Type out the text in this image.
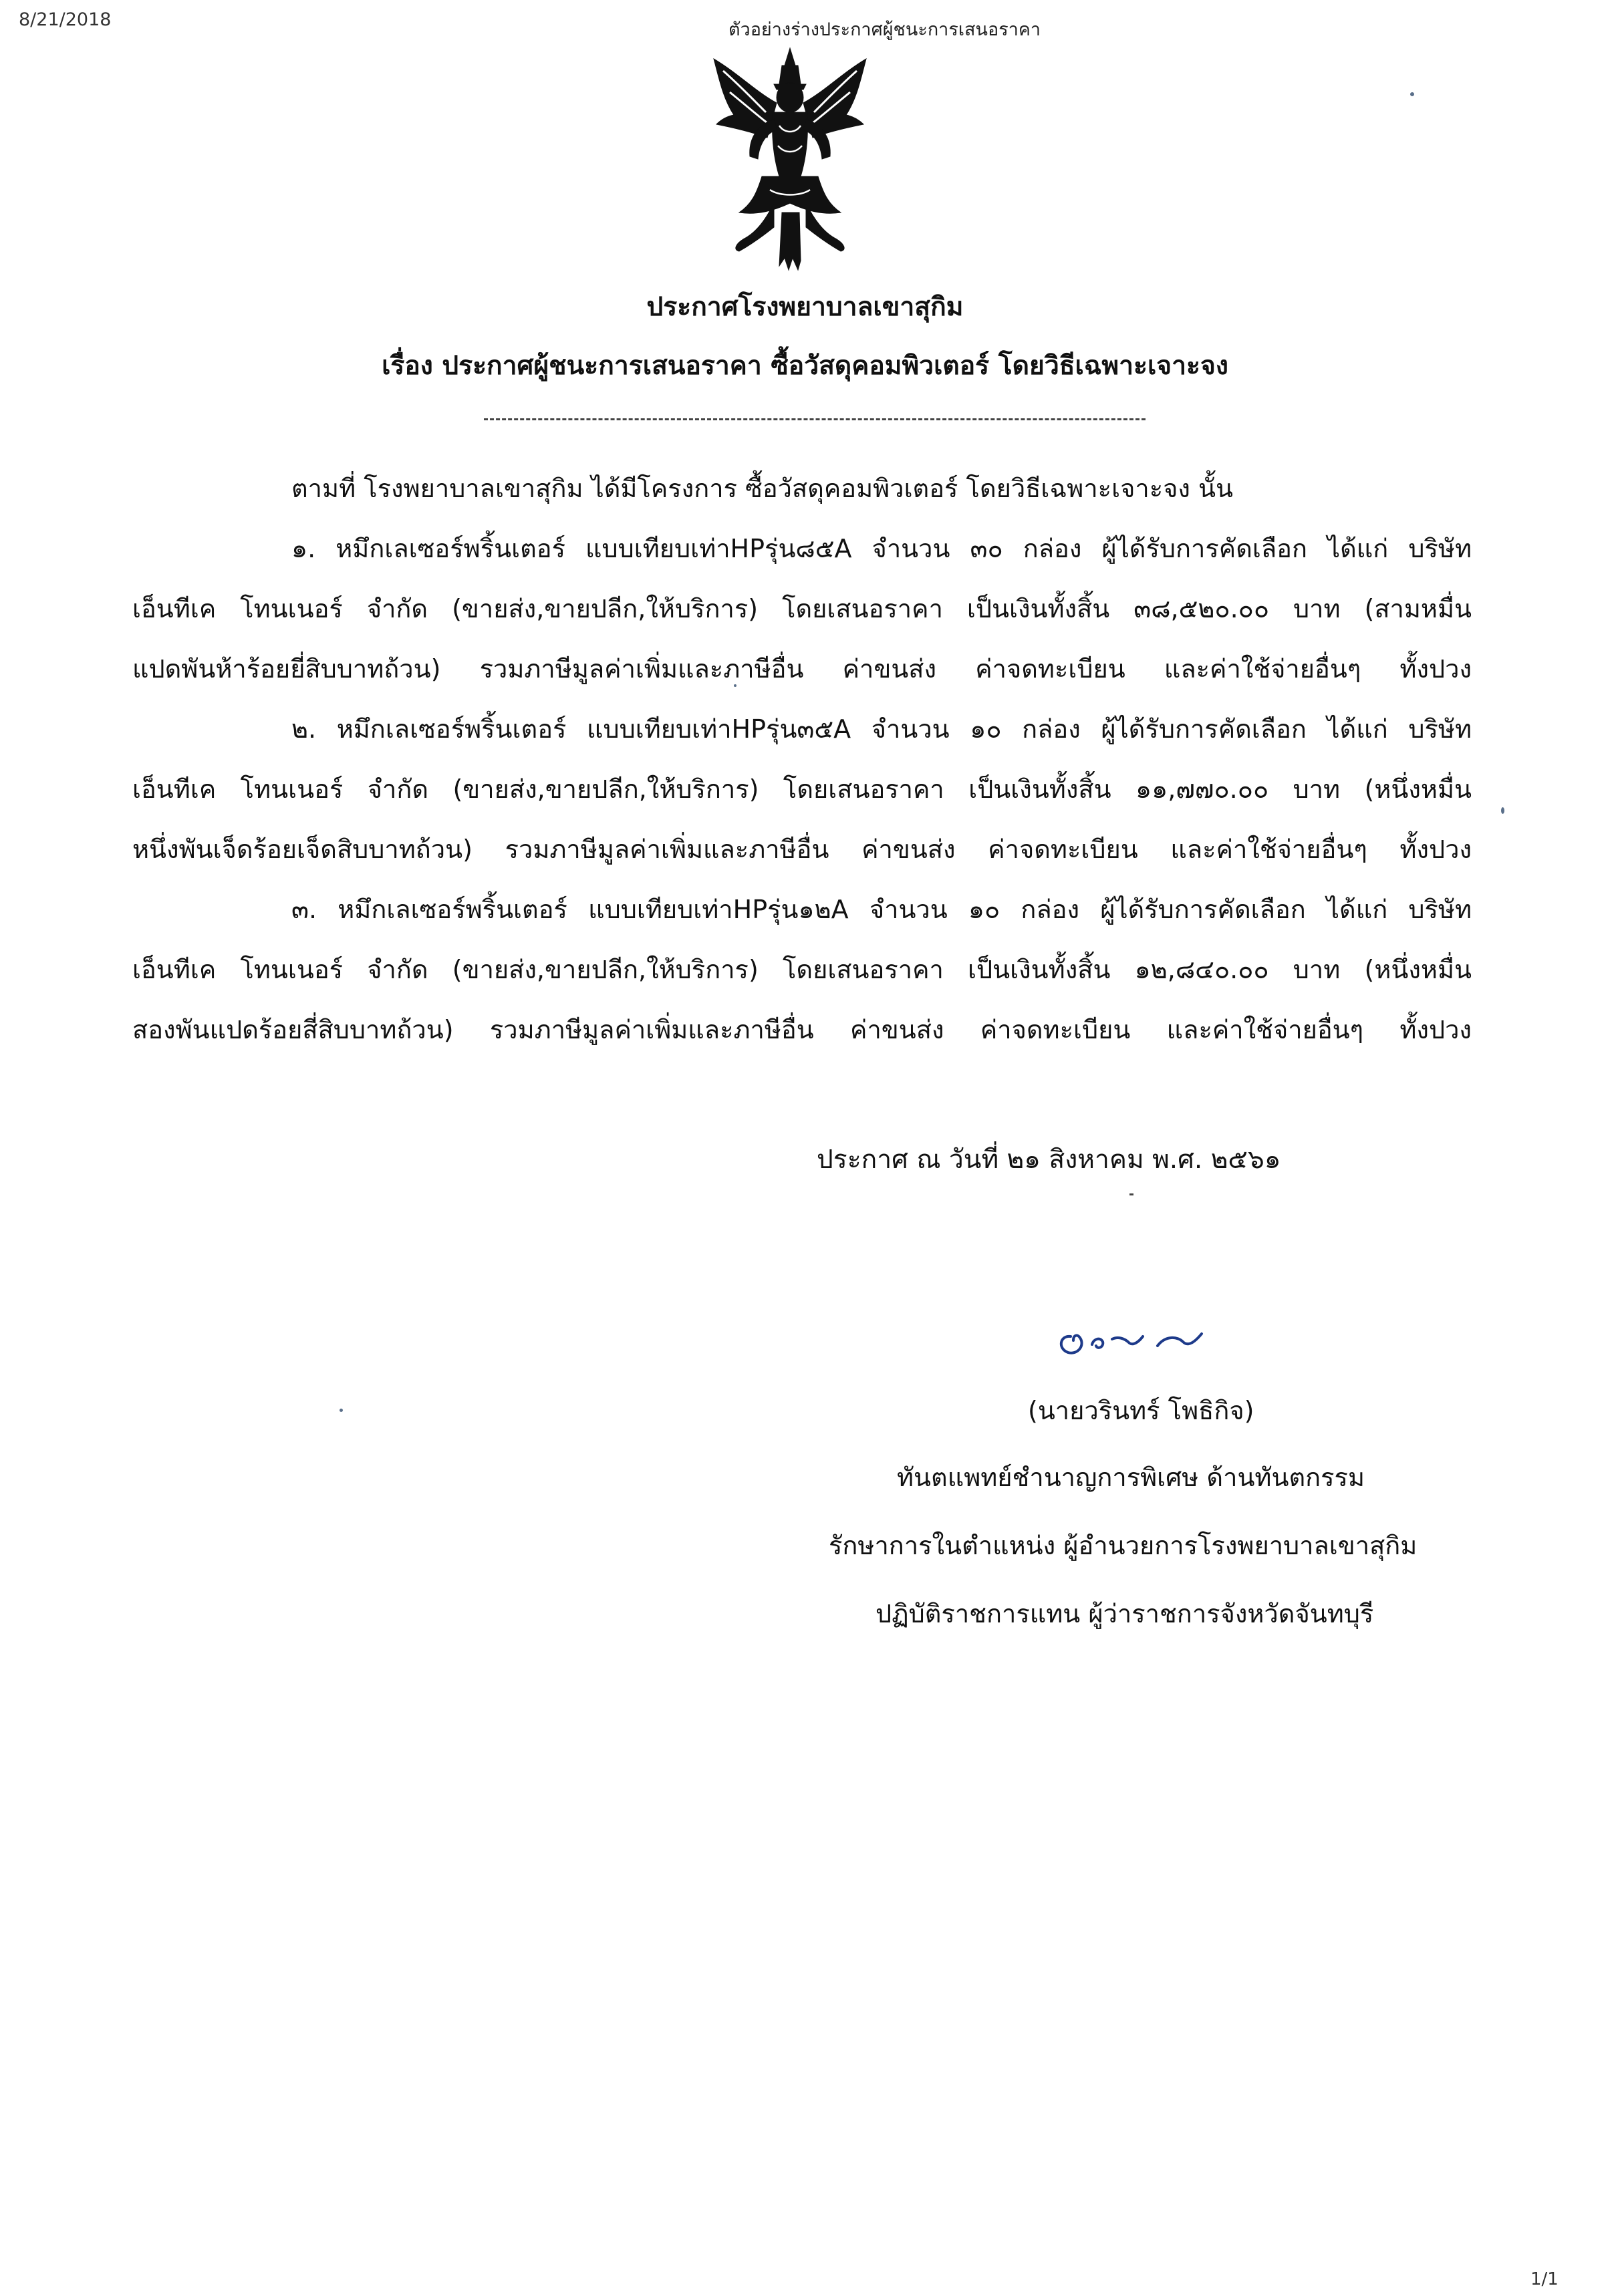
8/21/2018	ตัวอย่างร่างประกาศผู้ชนะการเสนอราคา
ประกาศโรงพยาบาลเขาสุกิม
เรื่อง ประกาศผู้ชนะการเสนอราคา ซื้อวัสดุคอมพิวเตอร์ โดยวิธีเฉพาะเจาะจง
ตามที่ โรงพยาบาลเขาสุกิม ได้มีโครงการ ซื้อวัสดุคอมพิวเตอร์ โดยวิธีเฉพาะเจาะจง นั้น
๑. หมึกเลเซอร์พริ้นเตอร์ แบบเทียบเท่าHPรุ่น๘๕A จำนวน ๓๐ กล่อง ผู้ได้รับการคัดเลือก ได้แก่ บริษัท
เอ็นทีเค โทนเนอร์ จำกัด (ขายส่ง,ขายปลีก,ให้บริการ) โดยเสนอราคา เป็นเงินทั้งสิ้น ๓๘,๕๒๐.๐๐ บาท (สามหมื่น
แปดพันห้าร้อยยี่สิบบาทถ้วน) รวมภาษีมูลค่าเพิ่มและภาษีอื่น ค่าขนส่ง ค่าจดทะเบียน และค่าใช้จ่ายอื่นๆ ทั้งปวง
๒. หมึกเลเซอร์พริ้นเตอร์ แบบเทียบเท่าHPรุ่น๓๕A จำนวน ๑๐ กล่อง ผู้ได้รับการคัดเลือก ได้แก่ บริษัท
เอ็นทีเค โทนเนอร์ จำกัด (ขายส่ง,ขายปลีก,ให้บริการ) โดยเสนอราคา เป็นเงินทั้งสิ้น ๑๑,๗๗๐.๐๐ บาท (หนึ่งหมื่น
หนึ่งพันเจ็ดร้อยเจ็ดสิบบาทถ้วน) รวมภาษีมูลค่าเพิ่มและภาษีอื่น ค่าขนส่ง ค่าจดทะเบียน และค่าใช้จ่ายอื่นๆ ทั้งปวง
๓. หมึกเลเซอร์พริ้นเตอร์ แบบเทียบเท่าHPรุ่น๑๒A จำนวน ๑๐ กล่อง ผู้ได้รับการคัดเลือก ได้แก่ บริษัท
เอ็นทีเค โทนเนอร์ จำกัด (ขายส่ง,ขายปลีก,ให้บริการ) โดยเสนอราคา เป็นเงินทั้งสิ้น ๑๒,๘๔๐.๐๐ บาท (หนึ่งหมื่น
สองพันแปดร้อยสี่สิบบาทถ้วน) รวมภาษีมูลค่าเพิ่มและภาษีอื่น ค่าขนส่ง ค่าจดทะเบียน และค่าใช้จ่ายอื่นๆ ทั้งปวง
ประกาศ ณ วันที่ ๒๑ สิงหาคม พ.ศ. ๒๕๖๑
(นายวรินทร์ โพธิกิจ)
ทันตแพทย์ชำนาญการพิเศษ ด้านทันตกรรม
รักษาการในตำแหน่ง ผู้อำนวยการโรงพยาบาลเขาสุกิม
ปฏิบัติราชการแทน ผู้ว่าราชการจังหวัดจันทบุรี
1/1
